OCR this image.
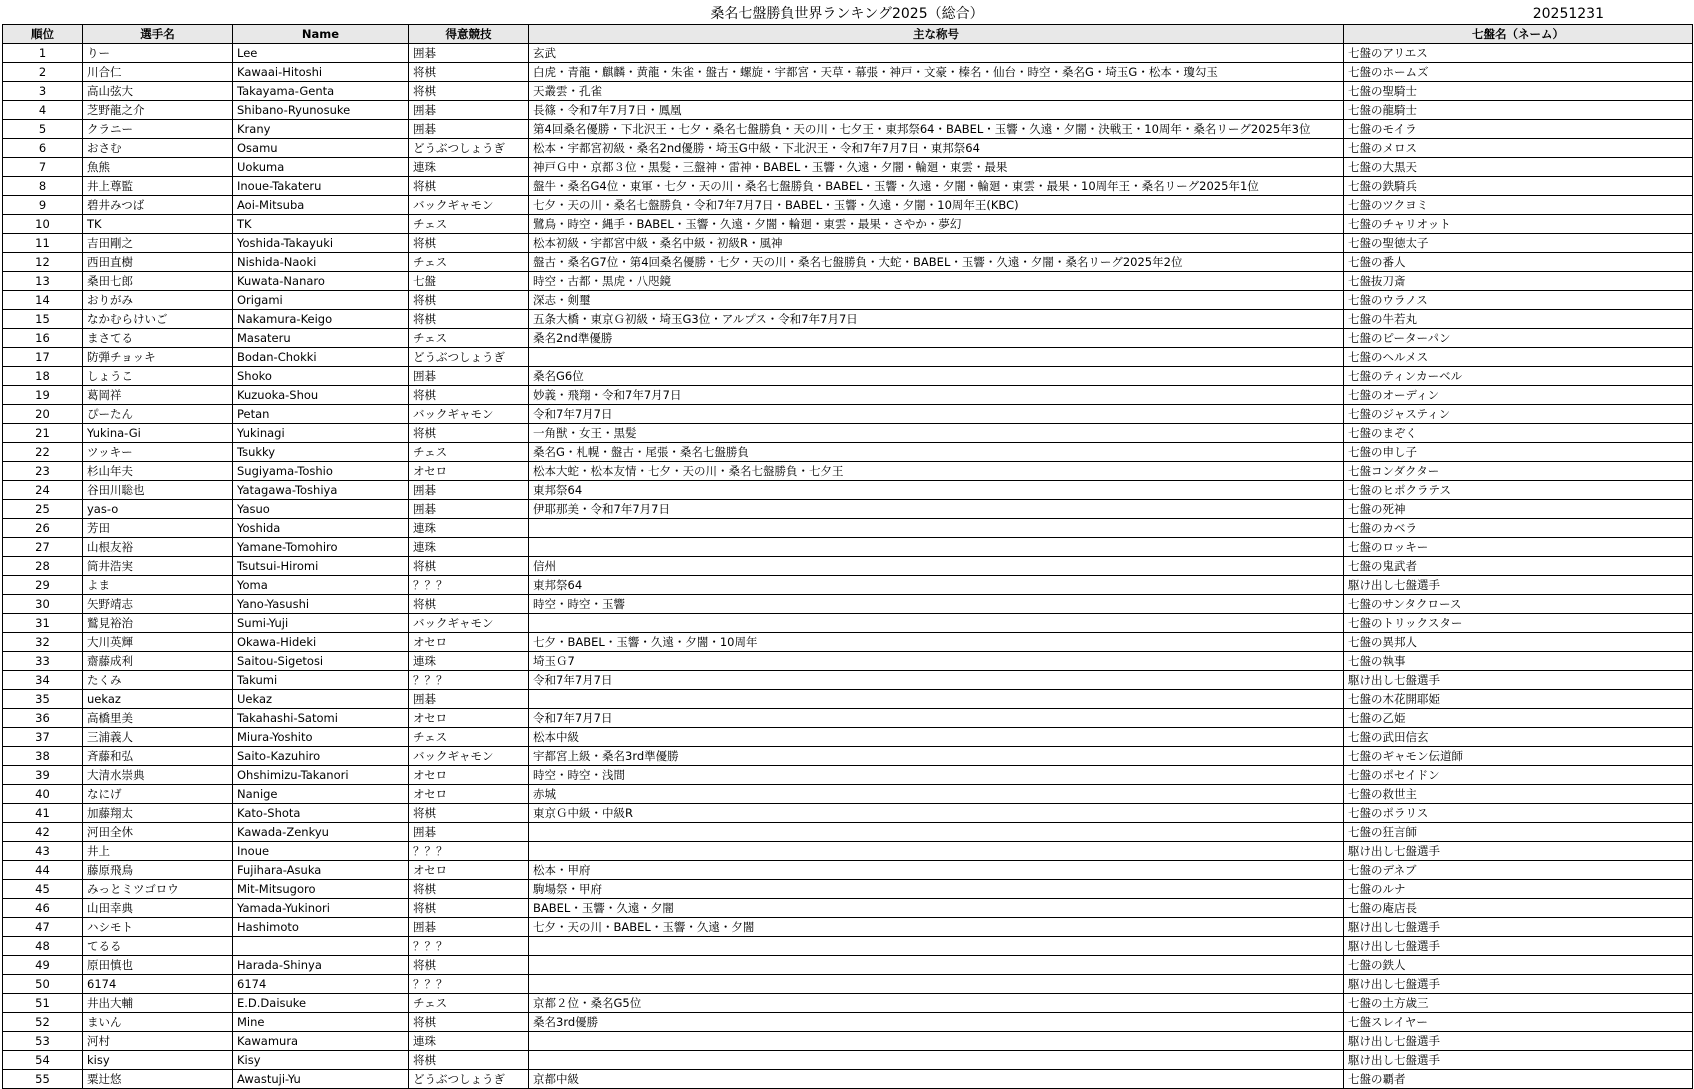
桑名七盤勝負世界ランキング2025（総合）	20251231
順位	選手名	Name	得意競技	主な称号	七盤名（ネーム）
1	りー	Lee	囲碁	玄武	七盤のアリエス
2	川合仁	Kawaai-Hitoshi	将棋	白虎・青龍・麒麟・黄龍・朱雀・盤古・螺旋・宇都宮・天草・幕張・神戸・文豪・榛名・仙台・時空・桑名G・埼玉G・松本・瓊勾玉	七盤のホームズ
3	高山弦大	Takayama-Genta	将棋	天叢雲・孔雀	七盤の聖騎士
4	芝野龍之介	Shibano-Ryunosuke	囲碁	長篠・令和7年7月7日・鳳凰	七盤の龍騎士
5	クラニー	Krany	囲碁	第4回桑名優勝・下北沢王・七夕・桑名七盤勝負・天の川・七夕王・東邦祭64・BABEL・玉響・久遠・夕闇・決戦王・10周年・桑名リーグ2025年3位	七盤のモイラ
6	おさむ	Osamu	どうぶつしょうぎ	松本・宇都宮初級・桑名2nd優勝・埼玉G中級・下北沢王・令和7年7月7日・東邦祭64	七盤のメロス
7	魚熊	Uokuma	連珠	神戸Ｇ中・京都３位・黒髪・三盤神・雷神・BABEL・玉響・久遠・夕闇・輪廻・東雲・最果	七盤の大黒天
8	井上尊監	Inoue-Takateru	将棋	盤牛・桑名G4位・東軍・七夕・天の川・桑名七盤勝負・BABEL・玉響・久遠・夕闇・輪廻・東雲・最果・10周年王・桑名リーグ2025年1位	七盤の鉄騎兵
9	碧井みつば	Aoi-Mitsuba	バックギャモン	七夕・天の川・桑名七盤勝負・令和7年7月7日・BABEL・玉響・久遠・夕闇・10周年王(KBC)	七盤のツクヨミ
10	TK	TK	チェス	鷺鳥・時空・縄手・BABEL・玉響・久遠・夕闇・輪廻・東雲・最果・さやか・夢幻	七盤のチャリオット
11	吉田剛之	Yoshida-Takayuki	将棋	松本初級・宇都宮中級・桑名中級・初級R・風神	七盤の聖徳太子
12	西田直樹	Nishida-Naoki	チェス	盤古・桑名G7位・第4回桑名優勝・七夕・天の川・桑名七盤勝負・大蛇・BABEL・玉響・久遠・夕闇・桑名リーグ2025年2位	七盤の番人
13	桑田七郎	Kuwata-Nanaro	七盤	時空・古都・黒虎・八咫鏡	七盤抜刀斎
14	おりがみ	Origami	将棋	深志・剣璽	七盤のウラノス
15	なかむらけいご	Nakamura-Keigo	将棋	五条大橋・東京Ｇ初級・埼玉G3位・アルプス・令和7年7月7日	七盤の牛若丸
16	まさてる	Masateru	チェス	桑名2nd準優勝	七盤のピーターパン
17	防弾チョッキ	Bodan-Chokki	どうぶつしょうぎ		七盤のヘルメス
18	しょうこ	Shoko	囲碁	桑名G6位	七盤のティンカーベル
19	葛岡祥	Kuzuoka-Shou	将棋	妙義・飛翔・令和7年7月7日	七盤のオーディン
20	ぴーたん	Petan	バックギャモン	令和7年7月7日	七盤のジャスティン
21	Yukina-Gi	Yukinagi	将棋	一角獣・女王・黒髪	七盤のまぞく
22	ツッキー	Tsukky	チェス	桑名G・札幌・盤古・尾張・桑名七盤勝負	七盤の申し子
23	杉山年夫	Sugiyama-Toshio	オセロ	松本大蛇・松本友情・七夕・天の川・桑名七盤勝負・七夕王	七盤コンダクター
24	谷田川聡也	Yatagawa-Toshiya	囲碁	東邦祭64	七盤のヒポクラテス
25	yas-o	Yasuo	囲碁	伊耶那美・令和7年7月7日	七盤の死神
26	芳田	Yoshida	連珠		七盤のカベラ
27	山根友裕	Yamane-Tomohiro	連珠		七盤のロッキー
28	筒井浩実	Tsutsui-Hiromi	将棋	信州	七盤の鬼武者
29	よま	Yoma	？？？	東邦祭64	駆け出し七盤選手
30	矢野靖志	Yano-Yasushi	将棋	時空・時空・玉響	七盤のサンタクロース
31	鷲見裕治	Sumi-Yuji	バックギャモン		七盤のトリックスター
32	大川英輝	Okawa-Hideki	オセロ	七夕・BABEL・玉響・久遠・夕闇・10周年	七盤の異邦人
33	齋藤成利	Saitou-Sigetosi	連珠	埼玉Ｇ7	七盤の執事
34	たくみ	Takumi	？？？	令和7年7月7日	駆け出し七盤選手
35	uekaz	Uekaz	囲碁		七盤の木花開耶姫
36	高橋里美	Takahashi-Satomi	オセロ	令和7年7月7日	七盤の乙姫
37	三浦義人	Miura-Yoshito	チェス	松本中級	七盤の武田信玄
38	斉藤和弘	Saito-Kazuhiro	バックギャモン	宇都宮上級・桑名3rd準優勝	七盤のギャモン伝道師
39	大清水崇典	Ohshimizu-Takanori	オセロ	時空・時空・浅間	七盤のポセイドン
40	なにげ	Nanige	オセロ	赤城	七盤の救世主
41	加藤翔太	Kato-Shota	将棋	東京Ｇ中級・中級R	七盤のポラリス
42	河田全休	Kawada-Zenkyu	囲碁		七盤の狂言師
43	井上	Inoue	？？？		駆け出し七盤選手
44	藤原飛鳥	Fujihara-Asuka	オセロ	松本・甲府	七盤のデネブ
45	みっとミツゴロウ	Mit-Mitsugoro	将棋	駒場祭・甲府	七盤のルナ
46	山田幸典	Yamada-Yukinori	将棋	BABEL・玉響・久遠・夕闇	七盤の庵店長
47	ハシモト	Hashimoto	囲碁	七夕・天の川・BABEL・玉響・久遠・夕闇	駆け出し七盤選手
48	てるる		？？？		駆け出し七盤選手
49	原田慎也	Harada-Shinya	将棋		七盤の鉄人
50	6174	6174	？？？		駆け出し七盤選手
51	井出大輔	E.D.Daisuke	チェス	京都２位・桑名G5位	七盤の土方歳三
52	まいん	Mine	将棋	桑名3rd優勝	七盤スレイヤー
53	河村	Kawamura	連珠		駆け出し七盤選手
54	kisy	Kisy	将棋		駆け出し七盤選手
55	粟辻悠	Awastuji-Yu	どうぶつしょうぎ	京都中級	七盤の覇者
